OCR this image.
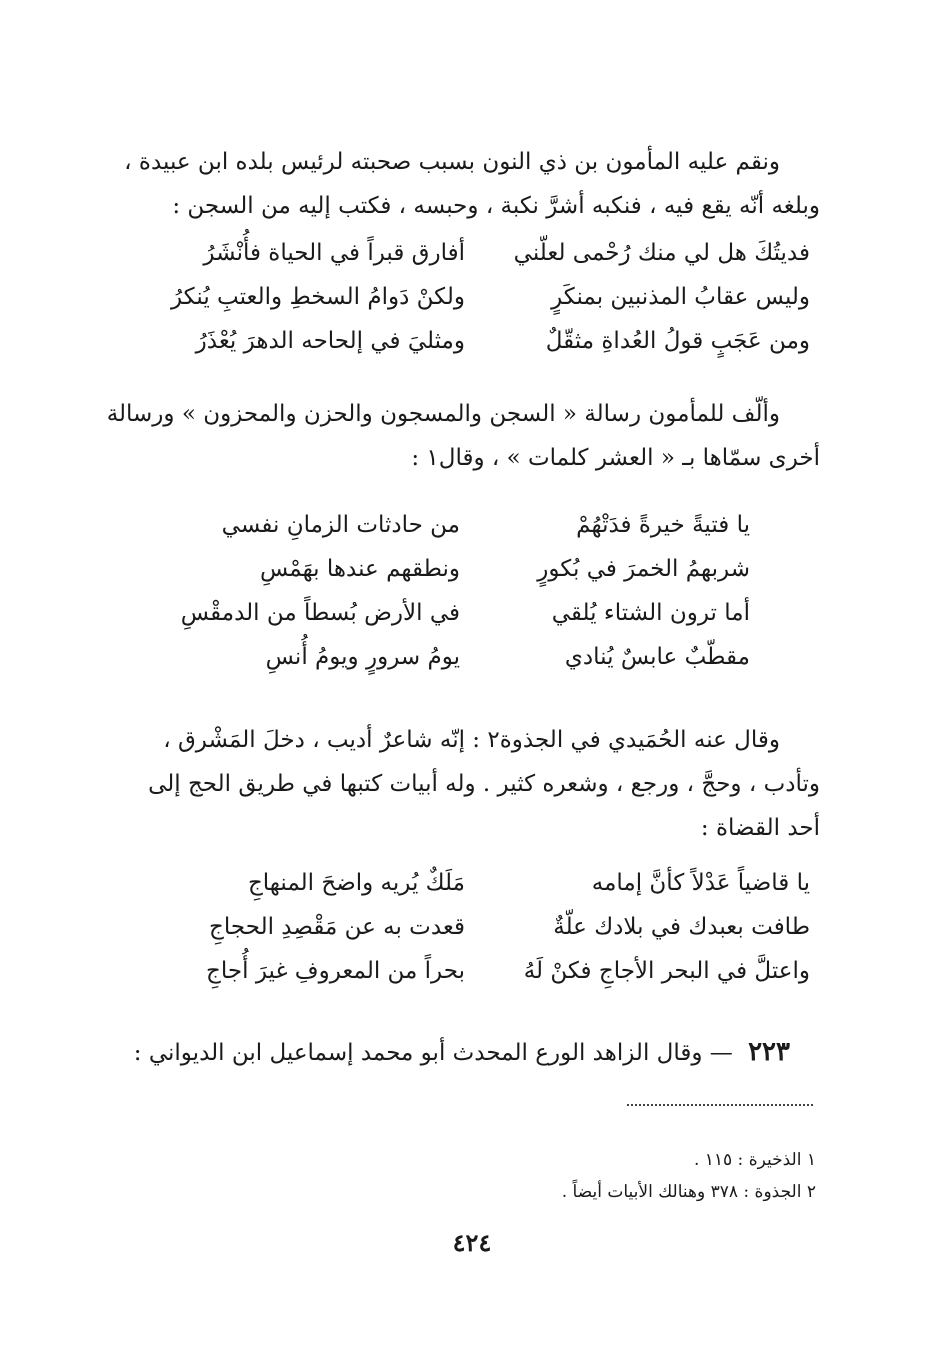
ونقم عليه المأمون بن ذي النون بسبب صحبته لرئيس بلده ابن عبيدة ،
وبلغه أنّه يقع فيه ، فنكبه أشرَّ نكبة ، وحبسه ، فكتب إليه من السجن :
فديتُكَ هل لي منك رُحْمى لعلّني
أفارق قبراً في الحياة فأُنْشَرُ
وليس عقابُ المذنبين بمنكَرٍ
ولكنْ دَوامُ السخطِ والعتبِ يُنكرُ
ومن عَجَبٍ قولُ العُداةِ مثقّلٌ
ومثليَ في إلحاحه الدهرَ يُعْذَرُ
وألّف للمأمون رسالة « السجن والمسجون والحزن والمحزون » ورسالة
أخرى سمّاها بـ « العشر كلمات » ، وقال١ :
يا فتيةً خيرةً فدَتْهُمْ
من حادثات الزمانِ نفسي
شربهمُ الخمرَ في بُكورٍ
ونطقهم عندها بهَمْسِ
أما ترون الشتاء يُلقي
في الأرض بُسطاً من الدمقْسِ
مقطّبٌ عابسٌ يُنادي
يومُ سرورٍ ويومُ أُنسِ
وقال عنه الحُمَيدي في الجذوة٢ : إنّه شاعرٌ أديب ، دخلَ المَشْرق ،
وتأدب ، وحجَّ ، ورجع ، وشعره كثير . وله أبيات كتبها في طريق الحج إلى
أحد القضاة :
يا قاضياً عَدْلاً كأنَّ إمامه
مَلَكٌ يُريه واضحَ المنهاجِ
طافت بعبدك في بلادك علّةٌ
قعدت به عن مَقْصِدِ الحجاجِ
واعتلَّ في البحر الأجاجِ فكنْ لَهُ
بحراً من المعروفِ غيرَ أُجاجِ
٢٢٣ — وقال الزاهد الورع المحدث أبو محمد إسماعيل ابن الديواني :
١ الذخيرة : ١١٥ .
٢ الجذوة : ٣٧٨ وهنالك الأبيات أيضاً .
٤٢٤
